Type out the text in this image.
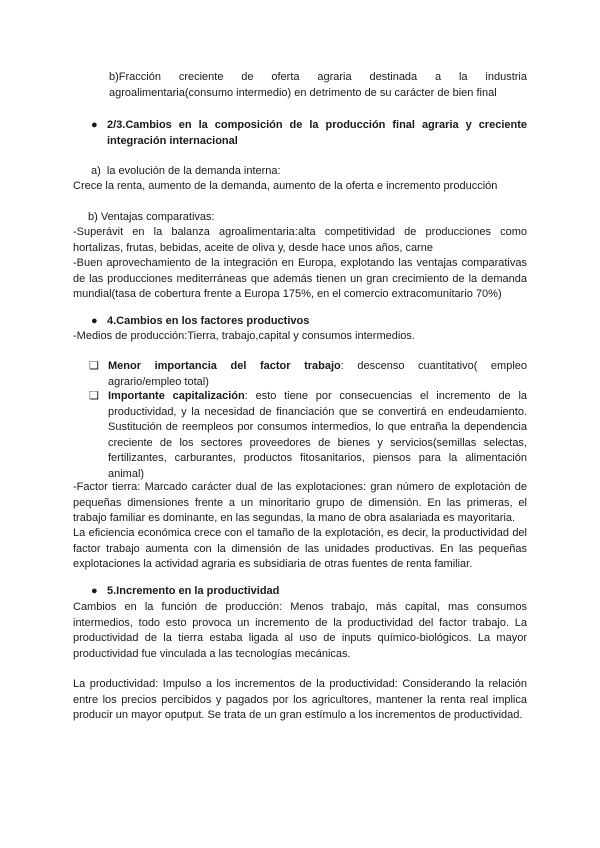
b)Fracción creciente de oferta agraria destinada a la industria agroalimentaria(consumo intermedio) en detrimento de su carácter de bien final

● 2/3.Cambios en la composición de la producción final agraria y creciente integración internacional

a) la evolución de la demanda interna:

Crece la renta, aumento de la demanda, aumento de la oferta e incremento producción

b) Ventajas comparativas:

-Superávit en la balanza agroalimentaria:alta competitividad de producciones como hortalizas, frutas, bebidas, aceite de oliva y, desde hace unos años, carne

-Buen aprovechamiento de la integración en Europa, explotando las ventajas comparativas de las producciones mediterráneas que además tienen un gran crecimiento de la demanda mundial(tasa de cobertura frente a Europa 175%, en el comercio extracomunitario 70%)

● 4.Cambios en los factores productivos

-Medios de producción:Tierra, trabajo,capital y consumos intermedios.

❏ Menor importancia del factor trabajo: descenso cuantitativo( empleo agrario/empleo total)
❏ Importante capitalización: esto tiene por consecuencias el incremento de la productividad, y la necesidad de financiación que se convertirá en endeudamiento. Sustitución de reempleos por consumos intermedios, lo que entraña la dependencia creciente de los sectores proveedores de bienes y servicios(semillas selectas, fertilizantes, carburantes, productos fitosanitarios, piensos para la alimentación animal)

-Factor tierra: Marcado carácter dual de las explotaciones: gran número de explotación de pequeñas dimensiones frente a un minoritario grupo de dimensión. En las primeras, el trabajo familiar es dominante, en las segundas, la mano de obra asalariada es mayoritaria.

La eficiencia económica crece con el tamaño de la explotación, es decir, la productividad del factor trabajo aumenta con la dimensión de las unidades productivas. En las pequeñas explotaciones la actividad agraria es subsidiaria de otras fuentes de renta familiar.

● 5.Incremento en la productividad

Cambios en la función de producción: Menos trabajo, más capital, mas consumos intermedios, todo esto provoca un incremento de la productividad del factor trabajo. La productividad de la tierra estaba ligada al uso de inputs químico-biológicos. La mayor productividad fue vinculada a las tecnologías mecánicas.

La productividad: Impulso a los incrementos de la productividad: Considerando la relación entre los precios percibidos y pagados por los agricultores, mantener la renta real implica producir un mayor oputput. Se trata de un gran estímulo a los incrementos de productividad.
